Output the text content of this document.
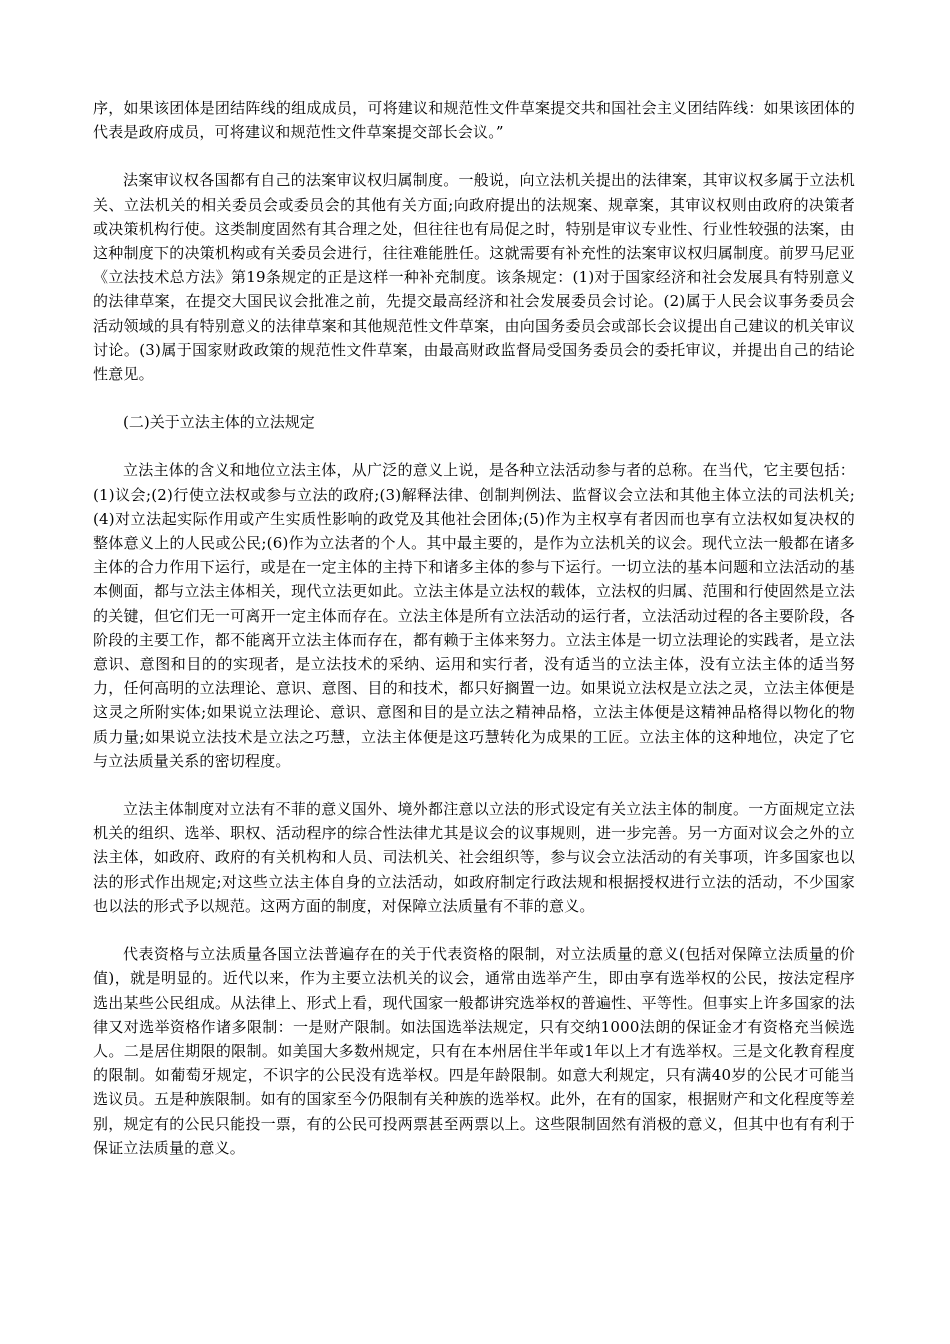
序，如果该团体是团结阵线的组成成员，可将建议和规范性文件草案提交共和国社会主义团结阵线：如果该团体的代表是政府成员，可将建议和规范性文件草案提交部长会议。”

法案审议权各国都有自己的法案审议权归属制度。一般说，向立法机关提出的法律案，其审议权多属于立法机关、立法机关的相关委员会或委员会的其他有关方面;向政府提出的法规案、规章案，其审议权则由政府的决策者或决策机构行使。这类制度固然有其合理之处，但往往也有局促之时，特别是审议专业性、行业性较强的法案，由这种制度下的决策机构或有关委员会进行，往往难能胜任。这就需要有补充性的法案审议权归属制度。前罗马尼亚《立法技术总方法》第19条规定的正是这样一种补充制度。该条规定：(1)对于国家经济和社会发展具有特别意义的法律草案，在提交大国民议会批准之前，先提交最高经济和社会发展委员会讨论。(2)属于人民会议事务委员会活动领域的具有特别意义的法律草案和其他规范性文件草案，由向国务委员会或部长会议提出自己建议的机关审议讨论。(3)属于国家财政政策的规范性文件草案，由最高财政监督局受国务委员会的委托审议，并提出自己的结论性意见。

(二)关于立法主体的立法规定

立法主体的含义和地位立法主体，从广泛的意义上说，是各种立法活动参与者的总称。在当代，它主要包括：(1)议会;(2)行使立法权或参与立法的政府;(3)解释法律、创制判例法、监督议会立法和其他主体立法的司法机关;(4)对立法起实际作用或产生实质性影响的政党及其他社会团体;(5)作为主权享有者因而也享有立法权如复决权的整体意义上的人民或公民;(6)作为立法者的个人。其中最主要的，是作为立法机关的议会。现代立法一般都在诸多主体的合力作用下运行，或是在一定主体的主持下和诸多主体的参与下运行。一切立法的基本问题和立法活动的基本侧面，都与立法主体相关，现代立法更如此。立法主体是立法权的载体，立法权的归属、范围和行使固然是立法的关键，但它们无一可离开一定主体而存在。立法主体是所有立法活动的运行者，立法活动过程的各主要阶段，各阶段的主要工作，都不能离开立法主体而存在，都有赖于主体来努力。立法主体是一切立法理论的实践者，是立法意识、意图和目的的实现者，是立法技术的采纳、运用和实行者，没有适当的立法主体，没有立法主体的适当努力，任何高明的立法理论、意识、意图、目的和技术，都只好搁置一边。如果说立法权是立法之灵，立法主体便是这灵之所附实体;如果说立法理论、意识、意图和目的是立法之精神品格，立法主体便是这精神品格得以物化的物质力量;如果说立法技术是立法之巧慧，立法主体便是这巧慧转化为成果的工匠。立法主体的这种地位，决定了它与立法质量关系的密切程度。

立法主体制度对立法有不菲的意义国外、境外都注意以立法的形式设定有关立法主体的制度。一方面规定立法机关的组织、选举、职权、活动程序的综合性法律尤其是议会的议事规则，进一步完善。另一方面对议会之外的立法主体，如政府、政府的有关机构和人员、司法机关、社会组织等，参与议会立法活动的有关事项，许多国家也以法的形式作出规定;对这些立法主体自身的立法活动，如政府制定行政法规和根据授权进行立法的活动，不少国家也以法的形式予以规范。这两方面的制度，对保障立法质量有不菲的意义。

代表资格与立法质量各国立法普遍存在的关于代表资格的限制，对立法质量的意义(包括对保障立法质量的价值)，就是明显的。近代以来，作为主要立法机关的议会，通常由选举产生，即由享有选举权的公民，按法定程序选出某些公民组成。从法律上、形式上看，现代国家一般都讲究选举权的普遍性、平等性。但事实上许多国家的法律又对选举资格作诸多限制：一是财产限制。如法国选举法规定，只有交纳1000法朗的保证金才有资格充当候选人。二是居住期限的限制。如美国大多数州规定，只有在本州居住半年或1年以上才有选举权。三是文化教育程度的限制。如葡萄牙规定，不识字的公民没有选举权。四是年龄限制。如意大利规定，只有满40岁的公民才可能当选议员。五是种族限制。如有的国家至今仍限制有关种族的选举权。此外，在有的国家，根据财产和文化程度等差别，规定有的公民只能投一票，有的公民可投两票甚至两票以上。这些限制固然有消极的意义，但其中也有有利于保证立法质量的意义。
